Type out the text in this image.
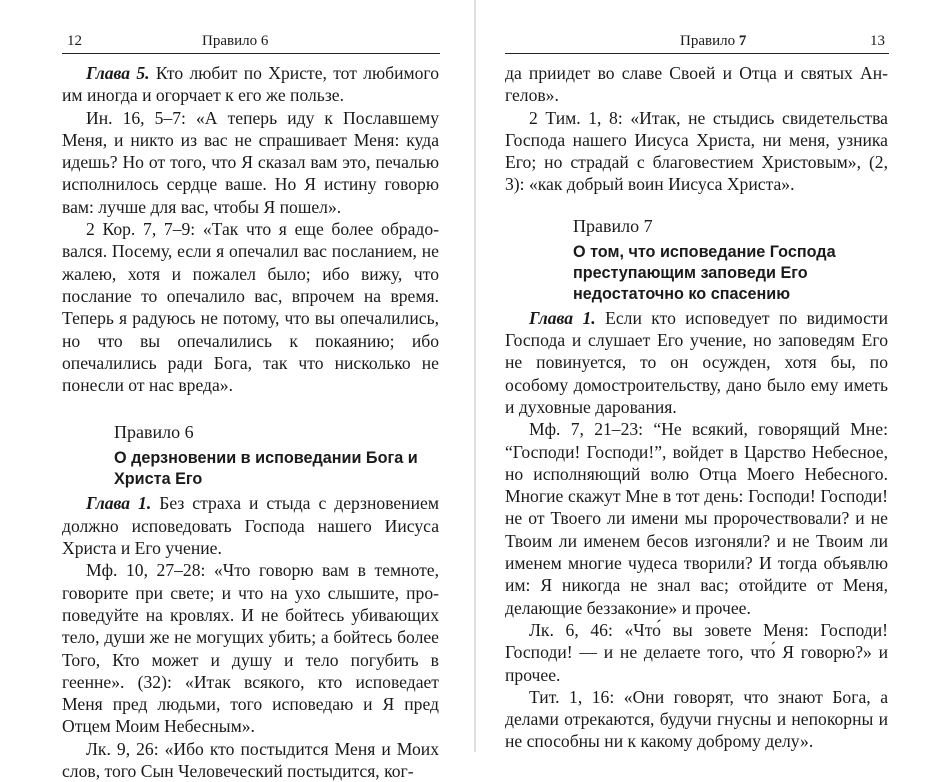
12	Правило 6

Глава 5. Кто любит по Христе, тот любимого им иногда и огорчает к его же пользе.

Ин. 16, 5–7: «А теперь иду к Пославшему Меня, и никто из вас не спрашивает Меня: куда идешь? Но от того, что Я сказал вам это, печалью исполнилось сердце ваше. Но Я истину говорю вам: лучше для вас, чтобы Я пошел».

2 Кор. 7, 7–9: «Так что я еще более обрадовался. Посему, если я опечалил вас посланием, не жалею, хотя и пожалел было; ибо вижу, что послание то опечалило вас, впрочем на время. Теперь я радуюсь не потому, что вы опечалились, но что вы опечалились к покаянию; ибо опечалились ради Бога, так что нисколько не понесли от нас вреда».

Правило 6
О дерзновении в исповедании Бога и Христа Его

Глава 1. Без страха и стыда с дерзновением должно исповедовать Господа нашего Иисуса Христа и Его учение.

Мф. 10, 27–28: «Что говорю вам в темноте, говорите при свете; и что на ухо слышите, проповедуйте на кровлях. И не бойтесь убивающих тело, души же не могущих убить; а бойтесь более Того, Кто может и душу и тело погубить в геенне». (32): «Итак всякого, кто исповедает Меня пред людьми, того исповедаю и Я пред Отцем Моим Небесным».

Лк. 9, 26: «Ибо кто постыдится Меня и Моих слов, того Сын Человеческий постыдится, ког-

Правило 7	13

да приидет во славе Своей и Отца и святых Ангелов».

2 Тим. 1, 8: «Итак, не стыдись свидетельства Господа нашего Иисуса Христа, ни меня, узника Его; но страдай с благовестием Христовым», (2, 3): «как добрый воин Иисуса Христа».

Правило 7
О том, что исповедание Господа преступающим заповеди Его недостаточно ко спасению

Глава 1. Если кто исповедует по видимости Господа и слушает Его учение, но заповедям Его не повинуется, то он осужден, хотя бы, по особому домостроительству, дано было ему иметь и духовные дарования.

Мф. 7, 21–23: “Не всякий, говорящий Мне: “Господи! Господи!”, войдет в Царство Небесное, но исполняющий волю Отца Моего Небесного. Многие скажут Мне в тот день: Господи! Господи! не от Твоего ли имени мы пророчествовали? и не Твоим ли именем бесов изгоняли? и не Твоим ли именем многие чудеса творили? И тогда объявлю им: Я никогда не знал вас; отойдите от Меня, делающие беззаконие» и прочее.

Лк. 6, 46: «Что́ вы зовете Меня: Господи! Господи! — и не делаете того, что́ Я говорю?» и прочее.

Тит. 1, 16: «Они говорят, что знают Бога, а делами отрекаются, будучи гнусны и непокорны и не способны ни к какому доброму делу».
